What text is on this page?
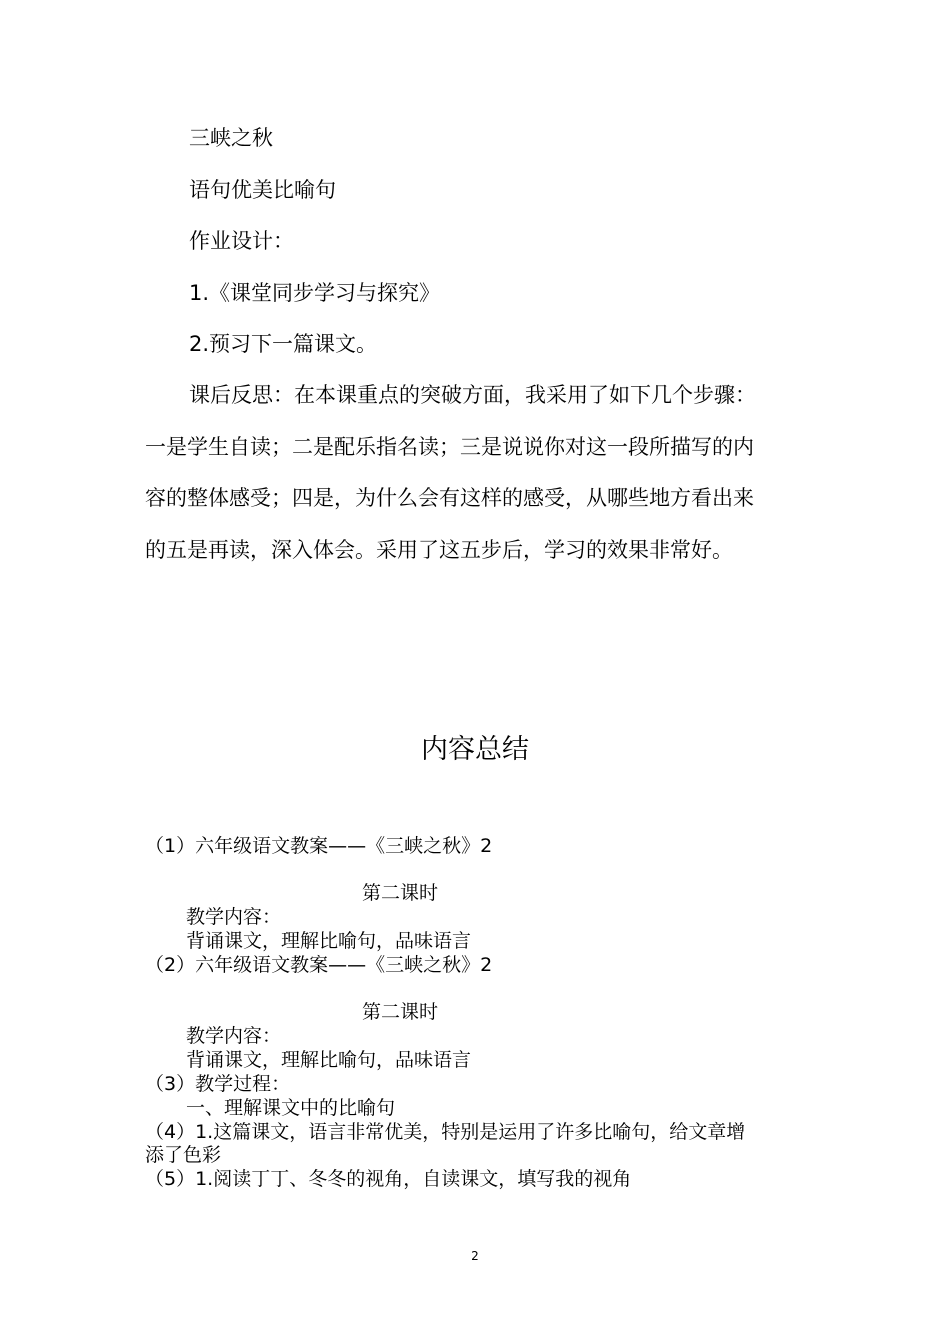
三峡之秋
语句优美比喻句
作业设计：
1.《课堂同步学习与探究》
2.预习下一篇课文。
课后反思：在本课重点的突破方面，我采用了如下几个步骤：
一是学生自读；二是配乐指名读；三是说说你对这一段所描写的内
容的整体感受；四是，为什么会有这样的感受，从哪些地方看出来
的五是再读，深入体会。采用了这五步后，学习的效果非常好。
内容总结
（1）六年级语文教案——《三峡之秋》2
第二课时
教学内容：
背诵课文，理解比喻句，品味语言
（2）六年级语文教案——《三峡之秋》2
第二课时
教学内容：
背诵课文，理解比喻句，品味语言
（3）教学过程：
一、理解课文中的比喻句
（4）1.这篇课文，语言非常优美，特别是运用了许多比喻句，给文章增
添了色彩
（5）1.阅读丁丁、冬冬的视角，自读课文，填写我的视角
2
